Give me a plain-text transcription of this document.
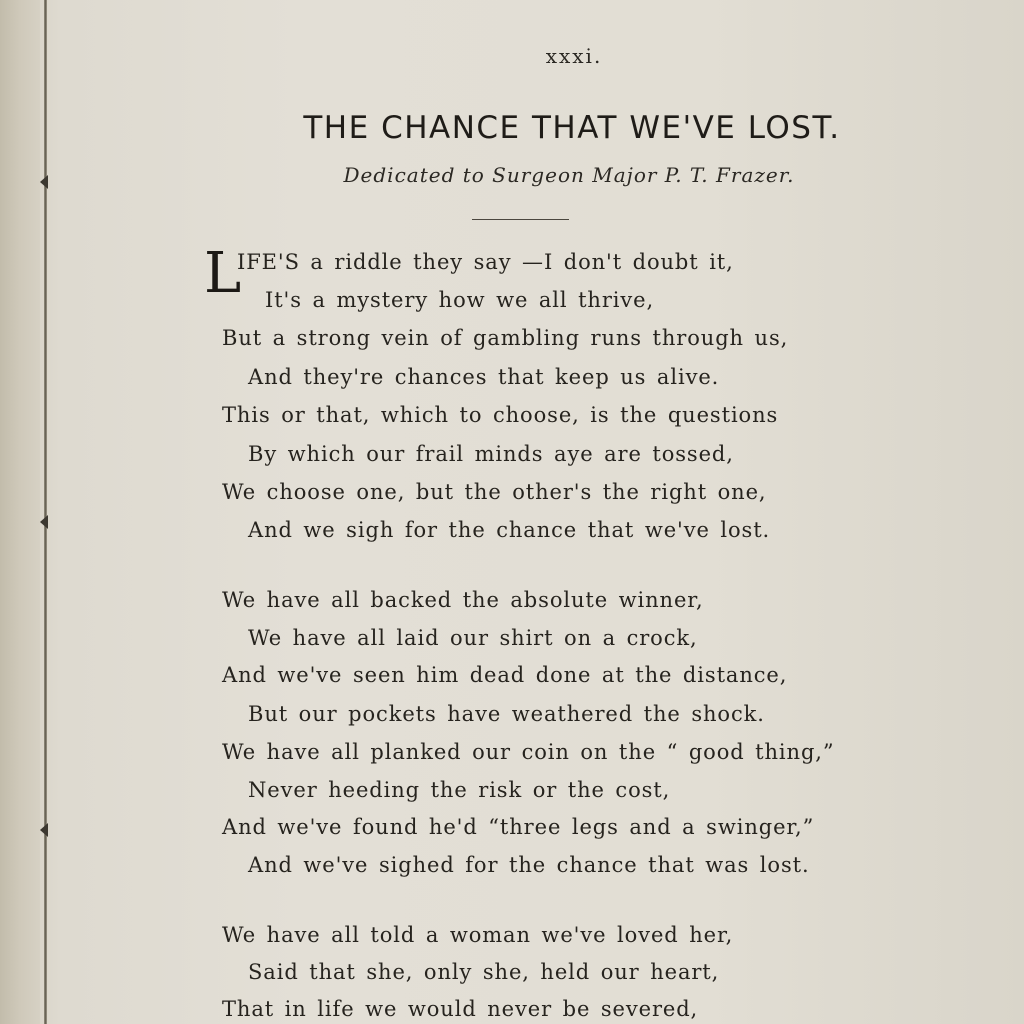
xxxi.
THE CHANCE THAT WE'VE LOST.
Dedicated to Surgeon Major P. T. Frazer.
L
IFE'S a riddle they say —I don't doubt it,
It's a mystery how we all thrive,
But a strong vein of gambling runs through us,
And they're chances that keep us alive.
This or that, which to choose, is the questions
By which our frail minds aye are tossed,
We choose one, but the other's the right one,
And we sigh for the chance that we've lost.
We have all backed the absolute winner,
We have all laid our shirt on a crock,
And we've seen him dead done at the distance,
But our pockets have weathered the shock.
We have all planked our coin on the “ good thing,”
Never heeding the risk or the cost,
And we've found he'd “three legs and a swinger,”
And we've sighed for the chance that was lost.
We have all told a woman we've loved her,
Said that she, only she, held our heart,
That in life we would never be severed,
